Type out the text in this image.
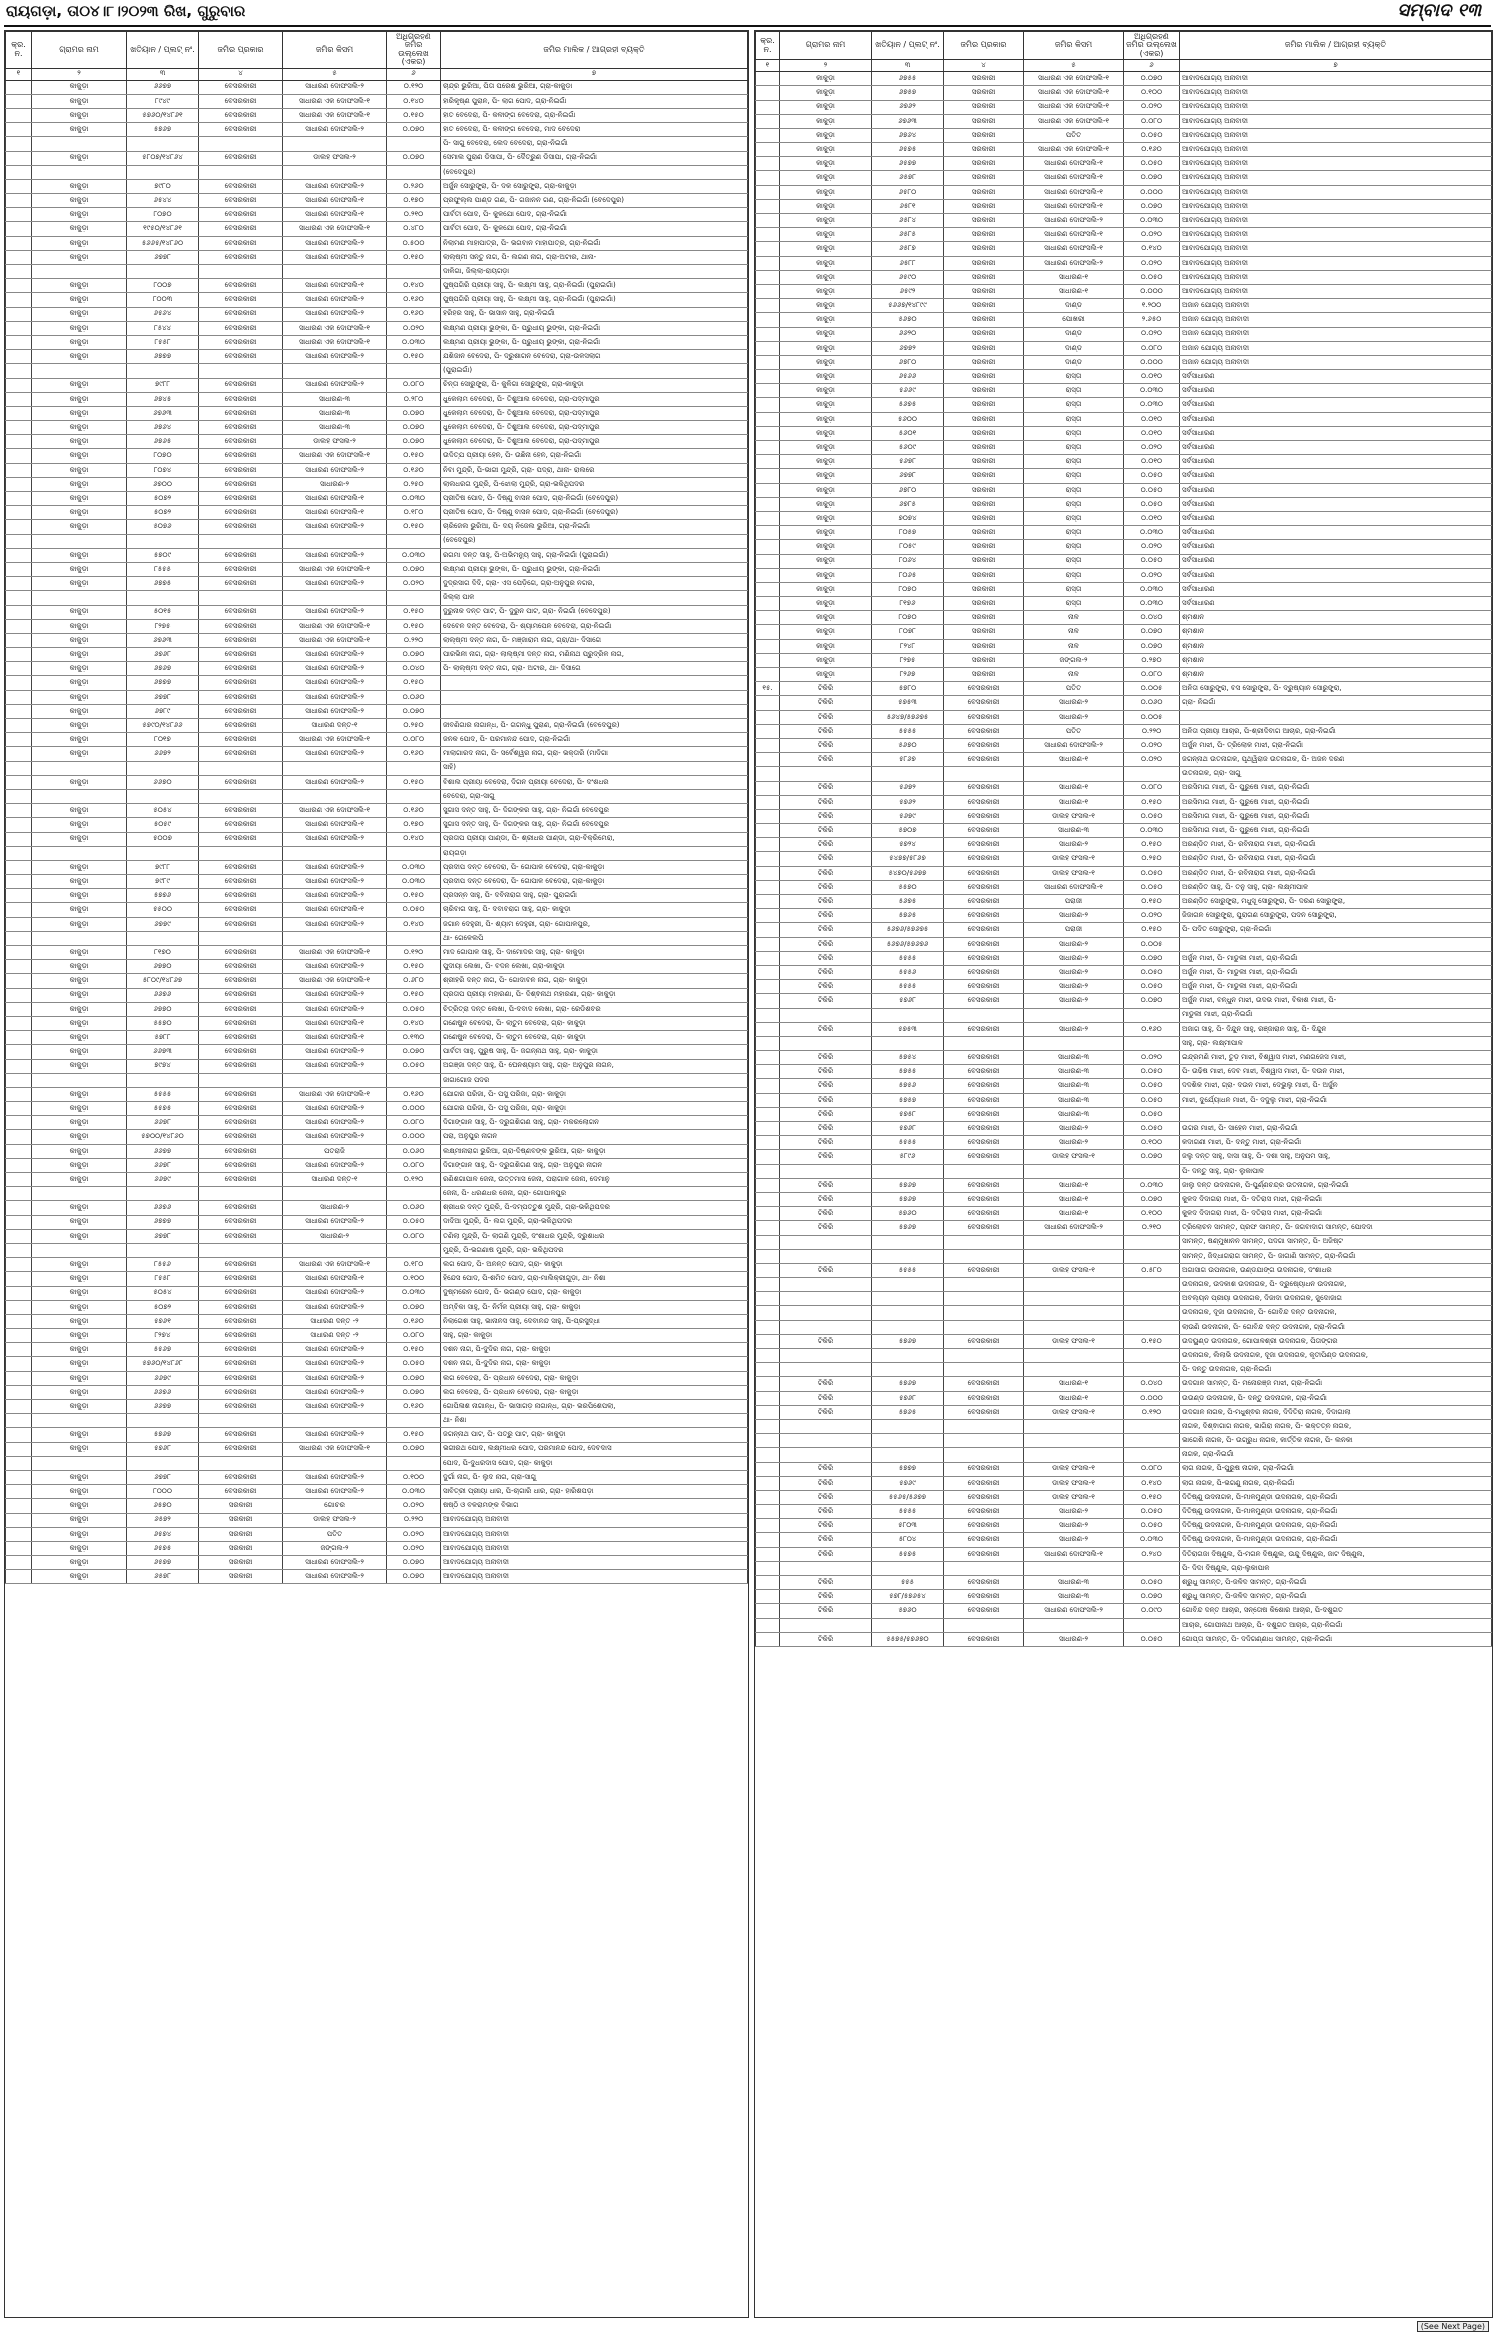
ରାୟଗଡ଼ା, ତା୦୪।୮।୨୦୨୩ ରିଖ, ଗୁରୁବାର	ସମ୍ବାଦ ୧୩
କ୍ର. ନ.	ଗ୍ରାମର ନାମ	ଖତିୟାନ / ପ୍ଲଟ୍ ନଂ.	ଜମିର ପ୍ରକାର	ଜମିର କିସମ	ଅଧିଗ୍ରହଣ ଜମିର ଉଲ୍ଲେଖ (ଏକର)	ଜମିର ମାଲିକ / ଆଗ୍ରହୀ ବ୍ୟକ୍ତି
୧	୨	୩	୪	୫	୬	୭
	କାକୁଡ଼ା	୬୬୭୭	ବେସରକାରୀ	ସାଧାରଣ ଦୋଫସଲି-୨	୦.୧୨୦	ଚାନ୍ଦ୍ର ଭୁରିଆ, ପିତା ପରେଶ ଭୁରିଆ, ଗ୍ରା-କାକୁଡ଼ା
	କାକୁଡ଼ା	୮୯୪୯	ବେସରକାରୀ	ସାଧାରଣ ଏକ ଦୋଫସଲି-୧	୦.୧୪୦	ହାରିକୃଷ୍ଣ ପୁରାନ, ପି- ଲାଗ ପୋଦ, ଗ୍ରା-ନିଇଗାଁ
	କାକୁଡ଼ା	୫୭୬୦/୧୪୮୬୧	ବେସରକାରୀ	ସାଧାରଣ ଏକ ଦୋଫସଲି-୧	୦.୧୫୦	ହାତ ବେଦେରା, ପି- କଳୀଙ୍ଗ ବେଦେରା, ଗ୍ରା-ନିଇଗାଁ
	କାକୁଡ଼ା	୫୭୬୭	ବେସରକାରୀ	ସାଧାରଣ ଦୋଫସଲି-୨	୦.୦୭୦	ହାତ ବେଦେରା, ପି- କଳୀଙ୍ଗ ବେଦେରା, ମାଦ ବେଦେରା
						ପି- ସାଗୁ ବେଦେରା, ଲେଦ ବେଦେରା, ଗ୍ରା-ନିଇଗାଁ
	କାକୁଡ଼ା	୫୮୦୭/୧୪୮୬୪	ବେସରକାରୀ	ଡାଲହ ଫସଲ-୨	୦.୦୭୦	ସେମାଲ ପୁରାଣ ଡିସାପା, ପି- ଦୈତ୍ରୁଣ ଡିସାପା, ଗ୍ରା-ନିଇଗାଁ
						(ବେଦେପୁର)
	କାକୁଡ଼ା	୭୯୮୦	ବେସରକାରୀ	ସାଧାରଣ ଦୋଫସଲି-୨	୦.୨୬୦	ଅର୍ଜୁନ ସୋରୁଙ୍ଗ୍ରା, ପି- ଦକ ସୋରୁଙ୍ଗ୍ରା, ଗ୍ରା-କାକୁଡ଼ା
	କାକୁଡ଼ା	୬୫୪୪	ବେସରକାରୀ	ସାଧାରଣ ଦୋଫସଲି-୧	୦.୧୭୦	ପ୍ରଫୁଲ୍ଲ ପାଣ୍ଡ ଗଣ, ପି- ଗଜାନନ ଗଣ, ଗ୍ରା-ନିଇଗାଁ (ବେଦେପୁର)
	କାକୁଡ଼ା	୮୦୭୦	ବେସରକାରୀ	ସାଧାରଣ ଦୋଫସଲି-୧	୦.୨୧୦	ପାର୍ବତୀ ପୋଦ, ପି- କୁଳଯୋ ପୋଦ, ଗ୍ରା-ନିଇଗାଁ
	କାକୁଡ଼ା	୧୯୫୦/୧୪୮୬୧	ବେସରକାରୀ	ସାଧାରଣ ଏକ ଦୋଫସଲି-୧	୦.୪୮୦	ପାର୍ବତୀ ପୋଦ, ପି- କୁଳଯୋ ପୋଦ, ଗ୍ରା-ନିଇଗାଁ
	କାକୁଡ଼ା	୫୬୬୫/୧୪୮୬୦	ବେସରକାରୀ	ସାଧାରଣ ଦୋଫସଲି-୨	୦.୫୦୦	ନିଲାମଣ ମାହାପାତ୍ର, ପି- ଭଗବାନ ମାହାପାତ୍ର, ଗ୍ରା-ନିଇଗାଁ
	କାକୁଡ଼ା	୬୭୭୮	ବେସରକାରୀ	ସାଧାରଣ ଦୋଫସଲି-୨	୦.୧୫୦	ଲାଲ୍ଷ୍ମୀ ସନ୍ତୁ ନାଗ, ପି- ଲଗଣ ନାଗ, ଗ୍ରା-ଅଟାର, ଥାନା-
						ଦାଳିଗା, ଜିଲ୍ଲା-ରାୟଗଡ଼ା
	କାକୁଡ଼ା	୮୦୦୭	ବେସରକାରୀ	ସାଧାରଣ ଦୋଫସଲି-୧	୦.୧୪୦	ପୁଷ୍ପଗିରି ପ୍ରୀୟା ସାହୁ, ପି- ଲକ୍ଷ୍ମୀ ସାହୁ, ଗ୍ରା-ନିଇଗାଁ (ପୁରାଇଗାଁ)
	କାକୁଡ଼ା	୮୦୦୩	ବେସରକାରୀ	ସାଧାରଣ ଦୋଫସଲି-୨	୦.୧୬୦	ପୁଷ୍ପଗିରି ପ୍ରୀୟା ସାହୁ, ପି- ଲକ୍ଷ୍ମୀ ସାହୁ, ଗ୍ରା-ନିଇଗାଁ (ପୁରାଇଗାଁ)
	କାକୁଡ଼ା	୬୫୬୪	ବେସରକାରୀ	ସାଧାରଣ ଦୋଫସଲି-୨	୦.୧୬୦	ହରିହର ସାହୁ, ପି- ଭାସାନ ସାହୁ, ଗ୍ରା-ନିଇଗାଁ
	କାକୁଡ଼ା	୮୫୪୪	ବେସରକାରୀ	ସାଧାରଣ ଏକ ଦୋଫସଲି-୧	୦.୦୨୦	ଲକ୍ଷ୍ମଣ ପ୍ରୀୟା ଭୁଙ୍କା, ପି- ପ୍ରୁଧୀୟ ଭୁଙ୍କା, ଗ୍ରା-ନିଇଗାଁ
	କାକୁଡ଼ା	୮୫୫୮	ବେସରକାରୀ	ସାଧାରଣ ଏକ ଦୋଫସଲି-୧	୦.୦୩୦	ଲକ୍ଷ୍ମଣ ପ୍ରୀୟା ଭୁଙ୍କା, ପି- ପ୍ରୁଧୀୟ ଭୁଙ୍କା, ଗ୍ରା-ନିଇଗାଁ
	କାକୁଡ଼ା	୬୭୭୭	ବେସରକାରୀ	ସାଧାରଣ ଦୋଫସଲି-୨	୦.୧୫୦	ଯଶିଜାନ ବେଦେରା, ପି- ଦ୍ରୁଶାଗନ ବେଦେରା, ଗ୍ରା-ଉଳସଲାଗ
						(ପୁରାଇଗାଁ)
	କାକୁଡ଼ା	୭୯୮୮	ବେସରକାରୀ	ସାଧାରଣ ଦୋଫସଲି-୨	୦.୦୮୦	ଚିନ୍ତା ସୋରୁଙ୍ଗ୍ରା, ପି- କୁଳିଗା ସୋରୁଙ୍ଗ୍ରା, ଗ୍ରା-କାକୁଡ଼ା
	କାକୁଡ଼ା	୬୭୪୫	ବେସରକାରୀ	ସାଧାରଣ-୩	୦.୨୮୦	ଧୁକେଲାମ ବେଦେରା, ପି- ତିଶୁଆଲ ବେଦେରା, ଗ୍ରା-ପଦ୍ମାପୁର
	କାକୁଡ଼ା	୬୭୬୩	ବେସରକାରୀ	ସାଧାରଣ-୩	୦.୦୭୦	ଧୁକେଲାମ ବେଦେରା, ପି- ତିଶୁଆଲ ବେଦେରା, ଗ୍ରା-ପଦ୍ମାପୁର
	କାକୁଡ଼ା	୬୭୬୪	ବେସରକାରୀ	ସାଧାରଣ-୩	୦.୦୭୦	ଧୁକେଲାମ ବେଦେରା, ପି- ତିଶୁଆଲ ବେଦେରା, ଗ୍ରା-ପଦ୍ମାପୁର
	କାକୁଡ଼ା	୬୭୬୫	ବେସରକାରୀ	ଡାଲହ ଫସଲ-୨	୦.୦୭୦	ଧୁକେଲାମ ବେଦେରା, ପି- ତିଶୁଆଲ ବେଦେରା, ଗ୍ରା-ପଦ୍ମାପୁର
	କାକୁଡ଼ା	୮୦୭୦	ବେସରକାରୀ	ସାଧାରଣ ଏକ ଦୋଫସଲି-୧	୦.୧୫୦	ଉଦିତ୍ଯ ପ୍ରୀୟା ହେନ, ପି- ଉଛିନା ହେନ, ଗ୍ରା-ନିଇଗାଁ
	କାକୁଡ଼ା	୮୦୭୪	ବେସରକାରୀ	ସାଧାରଣ ଦୋଫସଲି-୨	୦.୧୬୦	ନିବା ମୁନ୍ଦ୍ରି, ପି-ଭାଗୀ ମୁନ୍ଦ୍ରି, ଗ୍ରା- ପଦ୍ରା, ଥାନା- ରାଲରେ
	କାକୁଡ଼ା	୬୭୦୦	ବେସରକାରୀ	ସାଧାରଣ-୨	୦.୨୫୦	ଲାଲଧରଗ ମୁନ୍ଦ୍ରି, ପି-ଝୋଲା ମୁନ୍ଦ୍ରି, ଗ୍ରା-ଭକିଥିପଦର
	କାକୁଡ଼ା	୫୦୭୨	ବେସରକାରୀ	ସାଧାରଣ ଦୋଫସଲି-୧	୦.୦୩୦	ପ୍ରୀତିଷ ପୋଦ, ପି- ଦିଷ୍ଣୁ ବାସନ ପୋଦ, ଗ୍ରା-ନିଇଗାଁ (ବେଦେପୁର)
	କାକୁଡ଼ା	୫୦୭୨	ବେସରକାରୀ	ସାଧାରଣ ଦୋଫସଲି-୧	୦.୧୮୦	ପ୍ରୀତିଷ ପୋଦ, ପି- ଦିଷ୍ଣୁ ବାସନ ପୋଦ, ଗ୍ରା-ନିଇଗାଁ (ବେଦେପୁର)
	କାକୁଡ଼ା	୫୦୭୬	ବେସରକାରୀ	ସାଧାରଣ ଦୋଫସଲି-୨	୦.୧୫୦	ଚାରିଜେଲ ଭୁରିଆ, ପି- ଦୟ ନିଜେଲ ଭୁରିଆ, ଗ୍ରା-ନିଇଗାଁ
						(ବେଦେପୁର)
	କାକୁଡ଼ା	୫୭୦୯	ବେସରକାରୀ	ସାଧାରଣ ଦୋଫସଲି-୨	୦.୦୩୦	ରଗମା ଦନ୍ତ ସାହୁ, ପି-ଅଭିମନ୍ୟୁ ସାହୁ, ଗ୍ରା-ନିଇଗାଁ (ପୁରାଇଗାଁ)
	କାକୁଡ଼ା	୮୫୫୫	ବେସରକାରୀ	ସାଧାରଣ ଏକ ଦୋଫସଲି-୧	୦.୦୭୦	ଲକ୍ଷ୍ମଣ ପ୍ରୀୟା ଭୁଙ୍କା, ପି- ପ୍ରୁଧୀୟ ଭୁଙ୍କା, ଗ୍ରା-ନିଇଗାଁ
	କାକୁଡ଼ା	୬୭୭୫	ବେସରକାରୀ	ସାଧାରଣ ଦୋଫସଲି-୨	୦.୦୨୦	ଦୁଦ୍ରସାଗ ଦିଦି, ଗ୍ରା- ଏସ ପେଡ଼ିଗେ, ଗ୍ରା-ଅନୁପୁର ନଗର,
						ଜିଲ୍ଲା ପାଳ
	କାକୁଡ଼ା	୫୦୧୫	ବେସରକାରୀ	ସାଧାରଣ ଦୋଫସଲି-୨	୦.୧୫୦	ଦୁରୁନାକ ଦନ୍ତ ପାଟ, ପି- ଦୁରୁନ ପାଟ, ଗ୍ରା- ନିଇଗାଁ (ବେଦେପୁର)
	କାକୁଡ଼ା	୮୨୭୫	ବେସରକାରୀ	ସାଧାରଣ ଏକ ଦୋଫସଲି-୧	୦.୧୫୦	ଦେବେନ ଦନ୍ତ ବେଦେରା, ପି- ଶ୍ୟାମପେନ ବେଦେରା, ଗ୍ରା-ନିଇଗାଁ
	କାକୁଡ଼ା	୬୭୬୩	ବେସରକାରୀ	ସାଧାରଣ ଏକ ଦୋଫସଲି-୧	୦.୨୨୦	ଲାଲ୍ଷ୍ମୀ ଦନ୍ତ ନାଗ, ପି- ମଞ୍ଜାରାମ ନାଗ, ଗ୍ରା/ଥା- ଦିସାଗେ
	କାକୁଡ଼ା	୬୭୬୮	ବେସରକାରୀ	ସାଧାରଣ ଦୋଫସଲି-୨	୦.୦୭୦	ପାରଭିନୀ ନାଗ, ଗ୍ରା- ଲାଲ୍ଷ୍ମୀ ଦନ୍ତ ନାଗ, ମଣିନାଥ ପ୍ରୁଦ୍ରିଳ ନାଗ,
	କାକୁଡ଼ା	୬୭୬୭	ବେସରକାରୀ	ସାଧାରଣ ଦୋଫସଲି-୨	୦.୦୪୦	ପି- ଲାଲ୍ଷ୍ମୀ ଦନ୍ତ ନାଗ, ଗ୍ରା- ଅଟାର, ଥା- ଦିସାଗେ
	କାକୁଡ଼ା	୬୭୭୭	ବେସରକାରୀ	ସାଧାରଣ ଦୋଫସଲି-୨	୦.୧୫୦	
	କାକୁଡ଼ା	୬୭୭୮	ବେସରକାରୀ	ସାଧାରଣ ଦୋଫସଲି-୨	୦.୦୬୦	
	କାକୁଡ଼ା	୬୭୮୯	ବେସରକାରୀ	ସାଧାରଣ ଦୋଫସଲି-୨	୦.୦୭୦	
	କାକୁଡ଼ା	୫୭୯୦/୧୪୮୬୬	ବେସରକାରୀ	ସାଧାରଣ ଦନ୍ତ-୧	୦.୨୫୦	ଜୀବଣିଗାର ନାଗାନ୍ଧ, ପି- ଗଗନ୍ଧୁ ପୁରାଣ, ଗ୍ରା-ନିଇଗାଁ (ବେଦେପୁର)
	କାକୁଡ଼ା	୮୦୧୭	ବେସରକାରୀ	ସାଧାରଣ ଏକ ଦୋଫସଲି-୧	୦.୦୮୦	ଜନକ ପୋଦ, ପି- ପରମାନନ୍ଦ ପୋଦ, ଗ୍ରା-ନିଇଗାଁ
	କାକୁଡ଼ା	୬୬୭୨	ବେସରକାରୀ	ସାଧାରଣ ଦୋଫସଲି-୨	୦.୧୬୦	ମାଲାଗାରଦ ନାଗ, ପି- ସର୍ବେଶ୍ୱର ନାଗ, ଗ୍ରା- ଭକ୍ତାରି (ମାଦିଗା
						ସାହି)
	କାକୁଡ଼ା	୬୬୭୦	ବେସରକାରୀ	ସାଧାରଣ ଦୋଫସଲି-୨	୦.୧୫୦	ବିଶାଲ ପ୍ରୀୟା ବେଦେରା, ଦିଗନ ପ୍ରୀୟା ବେଦେରା, ପି- ଦଂଶଧର
						ବେଦେରା, ଗ୍ରା-ସାଗୁ
	କାକୁଡ଼ା	୫୦୫୪	ବେସରକାରୀ	ସାଧାରଣ ଏକ ଦୋଫସଲି-୧	୦.୧୬୦	ସୁଗାସ ଦନ୍ତ ସାହୁ, ପି- ଦିଗଙ୍କର ସାହୁ, ଗ୍ରା- ନିଇଗାଁ ବେଦେପୁର
	କାକୁଡ଼ା	୫୦୫୯	ବେସରକାରୀ	ସାଧାରଣ ଦୋଫସଲି-୧	୦.୧୭୦	ସୁଗାସ ଦନ୍ତ ସାହୁ, ପି- ଦିଗଙ୍କର ସାହୁ, ଗ୍ରା- ନିଇଗାଁ ବେଦେପୁର
	କାକୁଡ଼ା	୫୦୦୭	ବେସରକାରୀ	ସାଧାରଣ ଦୋଫସଲି-୨	୦.୧୪୦	ପ୍ରତାପ ପ୍ରୀୟା ପାଣ୍ଡା, ପି- ଶ୍ରୀଧର ପାଣ୍ଡା, ଗ୍ରା-ବିକ୍ରିମେରା,
						ରାୟଗଡ଼ା
	କାକୁଡ଼ା	୭୯୮୮	ବେସରକାରୀ	ସାଧାରଣ ଦୋଫସଲି-୨	୦.୦୩୦	ପ୍ରଦୀପ ଦନ୍ତ ବେଦେରା, ପି- ଗୋପାଳ ବେଦେରା, ଗ୍ରା-କାକୁଡ଼ା
	କାକୁଡ଼ା	୭୯୮୯	ବେସରକାରୀ	ସାଧାରଣ ଦୋଫସଲି-୨	୦.୦୩୦	ପ୍ରଦୀପ ଦନ୍ତ ବେଦେରା, ପି- ଗୋପାଳ ବେଦେରା, ଗ୍ରା-କାକୁଡ଼ା
	କାକୁଡ଼ା	୫୭୭୬	ବେସରକାରୀ	ସାଧାରଣ ଦୋଫସଲି-୨	୦.୧୫୦	ପ୍ରସନ୍ନ ସାହୁ, ପି- ଦବିନାରାଗ ସାହୁ, ଗ୍ରା- ପୁରାଇଗାଁ
	କାକୁଡ଼ା	୫୫୦୦	ବେସରକାରୀ	ସାଧାରଣ ଦୋଫସଲି-୧	୦.୦୫୦	ଚାରିବାଗ ସାହୁ, ପି- ଦବାବରାଗ ସାହୁ, ଗ୍ରା- କାକୁଡ଼ା
	କାକୁଡ଼ା	୬୭୭୯	ବେସରକାରୀ	ସାଧାରଣ ଦୋଫସଲି-୨	୦.୧୪୦	ଜଗାନ ଦେହୁରୀ, ପି- ଶ୍ୟାମ ଦେହୁରୀ, ଗ୍ରା- ଗୋପାଳପୁର,
						ଥା- ଗେଳେଲପି
	କାକୁଡ଼ା	୮୧୭୦	ବେସରକାରୀ	ସାଧାରଣ ଏକ ଦୋଫସଲି-୧	୦.୧୨୦	ମାଦ ଗୋପାଳ ସାହୁ, ପି- ଦାମୋଦର ସାହୁ, ଗ୍ରା- କାକୁଡ଼ା
	କାକୁଡ଼ା	୬୭୭୦	ବେସରକାରୀ	ସାଧାରଣ ଦୋଫସଲି-୨	୦.୧୫୦	ପୁଦୀୟା ଲେଖା, ପି- ବଦନ ଲେଖା, ଗ୍ରା-କାକୁଡ଼ା
	କାକୁଡ଼ା	୫୮୦୯/୧୪୮୬୭	ବେସରକାରୀ	ସାଧାରଣ ଏକ ଦୋଫସଲି-୧	୦.୬୮୦	ଶ୍ରୀହରି ଦନ୍ତ ନାଗ, ପି- ଗୋଦାବନ ନାଗ, ଗ୍ରା- କାକୁଡ଼ା
	କାକୁଡ଼ା	୬୬୭୬	ବେସରକାରୀ	ସାଧାରଣ ଦୋଫସଲି-୨	୦.୧୫୦	ପ୍ରତାପ ପ୍ରୀୟା ମହାରଣା, ପି- ଦିଶ୍ଵନାଥ ମହାରଣା, ଗ୍ରା- କାକୁଡ଼ା
	କାକୁଡ଼ା	୬୭୭୦	ବେସରକାରୀ	ସାଧାରଣ ଦୋଫସଲି-୨	୦.୦୫୦	ଚିତ୍ରିତ୍ରା ଦନ୍ତ ଲେଖା, ପି-ଦବାଦ ଲେଖା, ଗ୍ରା- ରେଡିଶବର
	କାକୁଡ଼ା	୫୫୭୦	ବେସରକାରୀ	ସାଧାରଣ ଦୋଫସଲି-୧	୦.୧୪୦	ଗଣେଷୁନ ବେଦେରା, ପି- ଲାତୁମ ବେଦେରା, ଗ୍ରା- କାକୁଡ଼ା
	କାକୁଡ଼ା	୫୭୮୮	ବେସରକାରୀ	ସାଧାରଣ ଦୋଫସଲି-୧	୦.୧୩୦	ଗଣେଷୁନ ବେଦେରା, ପି- ଲାତୁମ ବେଦେରା, ଗ୍ରା- କାକୁଡ଼ା
	କାକୁଡ଼ା	୬୬୭୩	ବେସରକାରୀ	ସାଧାରଣ ଦୋଫସଲି-୨	୦.୦୭୦	ପାର୍ବତୀ ସାହୁ, ପୁରୁଷ ସାହୁ, ପି- ଜଗନ୍ନାଥ ସାହୁ, ଗ୍ରା- କାକୁଡ଼ା
	କାକୁଡ଼ା	୭୯୭୪	ବେସରକାରୀ	ସାଧାରଣ ଦୋଫସଲି-୨	୦.୦୫୦	ଅଗଞ୍ଜା ଦନ୍ତ ସାହୁ, ପି- ଘେନଶ୍ୟାମ ସାହୁ, ଗ୍ରା- ଅନୁପୁର ନାଗନ,
						ଜାଗାଗୋଜ ପଦର
	କାକୁଡ଼ା	୫୫୫୫	ବେସରକାରୀ	ସାଧାରଣ ଏକ ଦୋଫସଲି-୧	୦.୧୬୦	ଯୋଗର ପରିଜା, ପି- ପସୁ ପରିଜା, ଗ୍ରା- କାକୁଡ଼ା
	କାକୁଡ଼ା	୫୫୭୫	ବେସରକାରୀ	ସାଧାରଣ ଦୋଫସଲି-୨	୦.୦୦୦	ଯୋଗର ପରିଜା, ପି- ପସୁ ପରିଜା, ଗ୍ରା- କାକୁଡ଼ା
	କାକୁଡ଼ା	୬୬୭୮	ବେସରକାରୀ	ସାଧାରଣ ଦୋଫସଲି-୨	୦.୦୮୦	ଦିଗାଙ୍ଗାନ ସାହୁ, ପି- ଦ୍ରୁଗଶିଗଣ ସାହୁ, ଗ୍ରା- ମକରଲୋଗନ
	କାକୁଡ଼ା	୫୭୦୦/୧୪୮୬୦	ବେସରକାରୀ	ସାଧାରଣ ଦୋଫସଲି-୨	୦.୦୦୦	ପରା, ଅନୁପୁର ନାଗନ
	କାକୁଡ଼ା	୬୬୭୭	ବେସରକାରୀ	ପତରାଜି	୦.୦୬୦	ଲକ୍ଷ୍ମୀନାରାଗ ଭୁରିଆ, ଗ୍ରା-ଦିଷ୍ଣବଙ୍କ ଭୁରିଆ, ଗ୍ରା- କାକୁଡ଼ା
	କାକୁଡ଼ା	୬୬୭୮	ବେସରକାରୀ	ସାଧାରଣ ଦୋଫସଲି-୨	୦.୦୮୦	ଦିଗାଙ୍ଗାନ ସାହୁ, ପି- ଦ୍ରୁଗଶିଗଣ ସାହୁ, ଗ୍ରା- ଅନୁପୁର ନାଗନ
	କାକୁଡ଼ା	୬୬୭୯	ବେସରକାରୀ	ସାଧାରଣ ଦନ୍ତ-୧	୦.୧୨୦	ରଣିଶଗାପାଳ ଜେନା, ଉତ୍ତମାସ ଜେନା, ପରାଗାଳ ଜେନା, ଦେମାନୁ
						ଜେନା, ପି- ଧରଣଧର ଜେନା, ଗ୍ରା- ଗୋପାଳପୁର
	କାକୁଡ଼ା	୬୬୭୬	ବେସରକାରୀ	ସାଧାରଣ-୨	୦.୦୬୦	ଶ୍ରୀଧର ଦନ୍ତ ମୁନ୍ଦ୍ରି, ପି-ଦମ୍ପତ୍ତୁଶ ମୁନ୍ଦ୍ରି, ଗ୍ରା-ଭକିଥିପଦର
	କାକୁଡ଼ା	୬୭୭୭	ବେସରକାରୀ	ସାଧାରଣ ଦୋଫସଲି-୨	୦.୦୫୦	ଦାଦିଆ ମୁନ୍ଦ୍ରି, ପି- ଲଗ ମୁନ୍ଦ୍ରି, ଗ୍ରା-ଭକିଥିପଦର
	କାକୁଡ଼ା	୬୭୭୮	ବେସରକାରୀ	ସାଧାରଣ-୨	୦.୦୮୦	ତଣିଲା ମୁନ୍ଦ୍ରି, ପି- ଲାଗଣି ମୁନ୍ଦ୍ରି, ଦଂଶାଧର ମୁନ୍ଦ୍ରି, ଦ୍ରୁଶାଧର
						ମୁନ୍ଦ୍ରି, ପି-ଭଗଣାଷ ମୁନ୍ଦ୍ରି, ଗ୍ରା- ଭକିଥିପଦର
	କାକୁଡ଼ା	୮୫୫୬	ବେସରକାରୀ	ସାଧାରଣ ଏକ ଦୋଫସଲି-୧	୦.୧୮୦	ଲଗ ପୋଦ, ପି- ଅନନ୍ତ ପୋଦ, ଗ୍ରା- କାକୁଡ଼ା
	କାକୁଡ଼ା	୮୫୫୮	ବେସରକାରୀ	ସାଧାରଣ ଦୋଫସଲି-୧	୦.୧୦୦	ହିନ୍ଦେସ ପୋଦ, ପି-ଶମିତ ପୋଦ, ଗ୍ରା-ମାଲିକ୍ରୀଗୁଡ଼ା, ଥା- ନିଶା
	କାକୁଡ଼ା	୫୦୫୪	ବେସରକାରୀ	ସାଧାରଣ ଦୋଫସଲି-୨	୦.୦୩୦	ଦୁଷ୍ମରେନ ପୋଦ, ପି- ଭଗଣ୍ଡ ପୋଦ, ଗ୍ରା- କାକୁଡ଼ା
	କାକୁଡ଼ା	୫୦୭୨	ବେସରକାରୀ	ସାଧାରଣ ଦୋଫସଲି-୨	୦.୦୭୦	ଅମ୍ବିକା ସାହୁ, ପି- ନିର୍ମଳ ପ୍ରୀୟା ସାହୁ, ଗ୍ରା- କାକୁଡ଼ା
	କାକୁଡ଼ା	୫୭୬୧	ବେସରକାରୀ	ସାଧାରଣ ଦନ୍ତ -୨	୦.୧୬୦	ନିଲାଗେଶ ସାହୁ, ଭାନାନସ ସାହୁ, ଦେବାନନ୍ଦ ସାହୁ, ପି-ପ୍ରସୁଦ୍ଧା
	କାକୁଡ଼ା	୮୨୭୪	ବେସରକାରୀ	ସାଧାରଣ ଦନ୍ତ -୨	୦.୦୮୦	ସାହୁ, ଗ୍ରା- କାକୁଡ଼ା
	କାକୁଡ଼ା	୫୫୬୭	ବେସରକାରୀ	ସାଧାରଣ ଦୋଫସଲି-୨	୦.୧୫୦	ଦଶନ ନାଗ, ପି-ଦୁଦିର ନାଗ, ଗ୍ରା- କାକୁଡ଼ା
	କାକୁଡ଼ା	୫୭୬୦/୧୪୮୬୮	ବେସରକାରୀ	ସାଧାରଣ ଦୋଫସଲି-୨	୦.୦୫୦	ଦଶନ ନାଗ, ପି-ଦୁଦିର ନାଗ, ଗ୍ରା- କାକୁଡ଼ା
	କାକୁଡ଼ା	୬୬୭୯	ବେସରକାରୀ	ସାଧାରଣ ଦୋଫସଲି-୨	୦.୦୭୦	ଲଗ ବେଦେରା, ପି- ପ୍ରଧାନ ବେଦେରା, ଗ୍ରା- କାକୁଡ଼ା
	କାକୁଡ଼ା	୬୬୭୬	ବେସରକାରୀ	ସାଧାରଣ ଦୋଫସଲି-୨	୦.୦୭୦	ଲଗ ବେଦେରା, ପି- ପ୍ରଧାନ ବେଦେରା, ଗ୍ରା- କାକୁଡ଼ା
	କାକୁଡ଼ା	୬୬୭୭	ବେସରକାରୀ	ସାଧାରଣ ଦୋଫସଲି-୨	୦.୧୬୦	ଗୋପିଳାଶ ନାଗାନ୍ଧ, ପି- ଭାସାଗଡ଼ ନାଗାନ୍ଧ, ଗ୍ରା- ଭରପିଶେପଲା,
						ଥା- ନିଶା
	କାକୁଡ଼ା	୫୭୬୭	ବେସରକାରୀ	ସାଧାରଣ ଦୋଫସଲି-୨	୦.୧୫୦	ଜଗନ୍ନାଥ ପାଟ, ପି- ପତ୍ରୁ ପାଟ, ଗ୍ରା- କାକୁଡ଼ା
	କାକୁଡ଼ା	୫୭୬୮	ବେସରକାରୀ	ସାଧାରଣ ଏକ ଦୋଫସଲି-୧	୦.୦୭୦	ଭଗୀରଥ ପୋଦ, ଲକ୍ଷ୍ମୀଧର ପୋଦ, ପରମାନନ୍ଦ ପୋଦ, ଦେବଦାସ
						ପୋଦ, ପି-ଦୁଧରଦାସ ପୋଦ, ଗ୍ରା- କାକୁଡ଼ା
	କାକୁଡ଼ା	୬୭୭୮	ବେସରକାରୀ	ସାଧାରଣ ଦୋଫସଲି-୨	୦.୧୦୦	ଦୁର୍ଗା ନାଗ, ପି- ଲୁଦ ନାଗ, ଗ୍ରା-ସାଗୁ
	କାକୁଡ଼ା	୮୦୦୦	ବେସରକାରୀ	ସାଧାରଣ ଦୋଫସଲି-୨	୦.୦୩୦	ସାବିତ୍ରୀ ପ୍ରୀୟା ଧାର, ପି-ଚାଗାରି ଧାର, ଗ୍ରା- ହାରିଶପଡ଼ା
	କାକୁଡ଼ା	୬୫୭୦	ସରକାରୀ	ଗୋଚର	୦.୦୨୦	ଷଷ୍ଠି ଓ ବଳରାମଙ୍କ ବିଭାଗ
	କାକୁଡ଼ା	୬୫୭୨	ସରକାରୀ	ଡାଲହ ଫସଲ-୨	୦.୨୨୦	ଆବାଦଯୋଗ୍ୟ ଅନାବାଦୀ
	କାକୁଡ଼ା	୬୫୭୪	ସରକାରୀ	ପତିତ	୦.୦୨୦	ଆବାଦଯୋଗ୍ୟ ଅନାବାଦୀ
	କାକୁଡ଼ା	୬୫୭୫	ସରକାରୀ	ଜଙ୍ଗଲ-୨	୦.୦୨୦	ଆବାଦଯୋଗ୍ୟ ଅନାବାଦୀ
	କାକୁଡ଼ା	୬୫୭୭	ସରକାରୀ	ସାଧାରଣ ଦୋଫସଲି-୨	୦.୦୭୦	ଆବାଦଯୋଗ୍ୟ ଅନାବାଦୀ
	କାକୁଡ଼ା	୬୫୭୮	ସରକାରୀ	ସାଧାରଣ ଦୋଫସଲି-୨	୦.୦୭୦	ଆବାଦଯୋଗ୍ୟ ଅନାବାଦୀ
କ୍ର. ନ.	ଗ୍ରାମର ନାମ	ଖତିୟାନ / ପ୍ଲଟ୍ ନଂ.	ଜମିର ପ୍ରକାର	ଜମିର କିସମ	ଅଧିଗ୍ରହଣ ଜମିର ଉଲ୍ଲେଖ (ଏକର)	ଜମିର ମାଲିକ / ଆଗ୍ରହୀ ବ୍ୟକ୍ତି
୧	୨	୩	୪	୫	୬	୭
	କାକୁଡ଼ା	୬୭୫୫	ସରକାରୀ	ସାଧାରଣ ଏକ ଦୋଫସଲି-୧	୦.୦୭୦	ଆବାଦଯୋଗ୍ୟ ଅନାବାଦୀ
	କାକୁଡ଼ା	୬୭୫୭	ସରକାରୀ	ସାଧାରଣ ଏକ ଦୋଫସଲି-୧	୦.୧୦୦	ଆବାଦଯୋଗ୍ୟ ଅନାବାଦୀ
	କାକୁଡ଼ା	୬୭୬୨	ସରକାରୀ	ସାଧାରଣ ଏକ ଦୋଫସଲି-୧	୦.୦୨୦	ଆବାଦଯୋଗ୍ୟ ଅନାବାଦୀ
	କାକୁଡ଼ା	୬୭୬୩	ସରକାରୀ	ସାଧାରଣ ଏକ ଦୋଫସଲି-୧	୦.୦୮୦	ଆବାଦଯୋଗ୍ୟ ଅନାବାଦୀ
	କାକୁଡ଼ା	୬୭୬୪	ସରକାରୀ	ପତିତ	୦.୦୫୦	ଆବାଦଯୋଗ୍ୟ ଅନାବାଦୀ
	କାକୁଡ଼ା	୬୫୭୫	ସରକାରୀ	ସାଧାରଣ ଏକ ଦୋଫସଲି-୧	୦.୧୬୦	ଆବାଦଯୋଗ୍ୟ ଅନାବାଦୀ
	କାକୁଡ଼ା	୬୫୭୭	ସରକାରୀ	ସାଧାରଣ ଦୋଫସଲି-୧	୦.୦୫୦	ଆବାଦଯୋଗ୍ୟ ଅନାବାଦୀ
	କାକୁଡ଼ା	୬୫୭୮	ସରକାରୀ	ସାଧାରଣ ଦୋଫସଲି-୧	୦.୦୭୦	ଆବାଦଯୋଗ୍ୟ ଅନାବାଦୀ
	କାକୁଡ଼ା	୬୫୮୦	ସରକାରୀ	ସାଧାରଣ ଦୋଫସଲି-୧	୦.୦୦୦	ଆବାଦଯୋଗ୍ୟ ଅନାବାଦୀ
	କାକୁଡ଼ା	୬୫୮୧	ସରକାରୀ	ସାଧାରଣ ଦୋଫସଲି-୧	୦.୦୭୦	ଆବାଦଯୋଗ୍ୟ ଅନାବାଦୀ
	କାକୁଡ଼ା	୬୫୮୪	ସରକାରୀ	ସାଧାରଣ ଦୋଫସଲି-୨	୦.୦୩୦	ଆବାଦଯୋଗ୍ୟ ଅନାବାଦୀ
	କାକୁଡ଼ା	୬୫୮୫	ସରକାରୀ	ସାଧାରଣ ଦୋଫସଲି-୧	୦.୦୨୦	ଆବାଦଯୋଗ୍ୟ ଅନାବାଦୀ
	କାକୁଡ଼ା	୬୫୮୭	ସରକାରୀ	ସାଧାରଣ ଦୋଫସଲି-୧	୦.୧୪୦	ଆବାଦଯୋଗ୍ୟ ଅନାବାଦୀ
	କାକୁଡ଼ା	୬୫୮୮	ସରକାରୀ	ସାଧାରଣ ଦୋଫସଲି-୨	୦.୦୨୦	ଆବାଦଯୋଗ୍ୟ ଅନାବାଦୀ
	କାକୁଡ଼ା	୬୫୯୦	ସରକାରୀ	ସାଧାରଣ-୧	୦.୦୫୦	ଆବାଦଯୋଗ୍ୟ ଅନାବାଦୀ
	କାକୁଡ଼ା	୬୫୯୨	ସରକାରୀ	ସାଧାରଣ-୧	୦.୦୦୦	ଆବାଦଯୋଗ୍ୟ ଅନାବାଦୀ
	କାକୁଡ଼ା	୫୬୬୭/୧୪୮୯୯	ସରକାରୀ	ଦାଣ୍ଡ	୧.୨୦୦	ଅଜାନ ଯୋଗ୍ୟ ଅନାବାଦୀ
	କାକୁଡ଼ା	୫୬୭୦	ସରକାରୀ	ପୋଖରୀ	୨.୬୫୦	ଅଜାନ ଯୋଗ୍ୟ ଅନାବାଦୀ
	କାକୁଡ଼ା	୬୬୨୦	ସରକାରୀ	ଦାଣ୍ଡ	୦.୦୨୦	ଅଜାନ ଯୋଗ୍ୟ ଅନାବାଦୀ
	କାକୁଡ଼ା	୬୭୭୨	ସରକାରୀ	ଦାଣ୍ଡ	୦.୦୮୦	ଅଜାନ ଯୋଗ୍ୟ ଅନାବାଦୀ
	କାକୁଡ଼ା	୬୭୮୦	ସରକାରୀ	ଦାଣ୍ଡ	୦.୦୦୦	ଅଜାନ ଯୋଗ୍ୟ ଅନାବାଦୀ
	କାକୁଡ଼ା	୬୫୬୬	ସରକାରୀ	ରାସ୍ତା	୦.୦୧୦	ସର୍ବସାଧାରଣ
	କାକୁଡ଼ା	୫୬୬୯	ସରକାରୀ	ରାସ୍ତା	୦.୦୩୦	ସର୍ବସାଧାରଣ
	କାକୁଡ଼ା	୫୬୭୫	ସରକାରୀ	ରାସ୍ତା	୦.୦୩୦	ସର୍ବସାଧାରଣ
	କାକୁଡ଼ା	୫୬୦୦	ସରକାରୀ	ରାସ୍ତା	୦.୦୧୦	ସର୍ବସାଧାରଣ
	କାକୁଡ଼ା	୫୬୦୧	ସରକାରୀ	ରାସ୍ତା	୦.୦୧୦	ସର୍ବସାଧାରଣ
	କାକୁଡ଼ା	୫୬୦୯	ସରକାରୀ	ରାସ୍ତା	୦.୦୨୦	ସର୍ବସାଧାରଣ
	କାକୁଡ଼ା	୫୬୭୮	ସରକାରୀ	ରାସ୍ତା	୦.୦୧୦	ସର୍ବସାଧାରଣ
	କାକୁଡ଼ା	୬୭୭୮	ସରକାରୀ	ରାସ୍ତା	୦.୦୫୦	ସର୍ବସାଧାରଣ
	କାକୁଡ଼ା	୬୭୮୦	ସରକାରୀ	ରାସ୍ତା	୦.୦୫୦	ସର୍ବସାଧାରଣ
	କାକୁଡ଼ା	୬୭୮୫	ସରକାରୀ	ରାସ୍ତା	୦.୦୫୦	ସର୍ବସାଧାରଣ
	କାକୁଡ଼ା	୭୦୭୪	ସରକାରୀ	ରାସ୍ତା	୦.୦୧୦	ସର୍ବସାଧାରଣ
	କାକୁଡ଼ା	୮୦୫୭	ସରକାରୀ	ରାସ୍ତା	୦.୦୩୦	ସର୍ବସାଧାରଣ
	କାକୁଡ଼ା	୮୦୫୯	ସରକାରୀ	ରାସ୍ତା	୦.୦୨୦	ସର୍ବସାଧାରଣ
	କାକୁଡ଼ା	୮୦୬୪	ସରକାରୀ	ରାସ୍ତା	୦.୦୫୦	ସର୍ବସାଧାରଣ
	କାକୁଡ଼ା	୮୦୬୫	ସରକାରୀ	ରାସ୍ତା	୦.୦୨୦	ସର୍ବସାଧାରଣ
	କାକୁଡ଼ା	୮୦୭୦	ସରକାରୀ	ରାସ୍ତା	୦.୦୩୦	ସର୍ବସାଧାରଣ
	କାକୁଡ଼ା	୮୧୭୬	ସରକାରୀ	ରାସ୍ତା	୦.୦୩୦	ସର୍ବସାଧାରଣ
	କାକୁଡ଼ା	୮୦୭୦	ସରକାରୀ	ନାଳ	୦.୦୪୦	ଶ୍ମଶାନ
	କାକୁଡ଼ା	୮୦୭୮	ସରକାରୀ	ନାଳ	୦.୦୭୦	ଶ୍ମଶାନ
	କାକୁଡ଼ା	୮୨୪୮	ସରକାରୀ	ନାଳ	୦.୦୭୦	ଶ୍ମଶାନ
	କାକୁଡ଼ା	୮୨୭୫	ସରକାରୀ	ଜଙ୍ଗଲ-୨	୦.୨୭୦	ଶ୍ମଶାନ
	କାକୁଡ଼ା	୮୨୬୭	ସରକାରୀ	ନାଳ	୦.୦୮୦	ଶ୍ମଶାନ
୧୫.	ଟିକିରି	୫୭୮୦	ବେସରକାରୀ	ପତିତ	୦.୦୦୫	ଅନିତା ସୋରୁଙ୍ଗ୍ରା, ବସ ସୋରୁଙ୍ଗ୍ରା, ପି- ଦ୍ରୁଷ୍ୟାନ ସୋରୁଙ୍ଗ୍ରା,
	ଟିକିରି	୫୭୫୩	ବେସରକାରୀ	ସାଧାରଣ-୨	୦.୦୬୦	ଗ୍ରା- ନିଇଗାଁ
	ଟିକିରି	୫୬୪୭/୫୭୬୭୫	ବେସରକାରୀ	ସାଧାରଣ-୨	୦.୦୦୫	
	ଟିକିରି	୫୫୫୫	ବେସରକାରୀ	ପତିତ	୦.୨୨୦	ଅନିତା ପ୍ରୀୟା ଆଚାର, ପି-ଶ୍ରୀଦିବାଗ ଆଚାର, ଗ୍ରା-ନିଇଗାଁ
	ଟିକିରି	୫୬୭୦	ବେସରକାରୀ	ସାଧାରଣ ଦୋଫସଲି-୨	୦.୦୨୦	ଅର୍ଜୁନ ମାଝୀ, ପି- ତ୍ରିଲୋକ ମାଝୀ, ଗ୍ରା-ନିଇଗାଁ
	ଟିକିରି	୫୮୬୭	ବେସରକାରୀ	ସାଧାରଣ-୧	୦.୦୨୦	ଜଗନ୍ନାଥ ଉତନାଗକ, ପୃଥ୍ୱିରାଜ ଉତନାଗକ, ପି- ଅଜନ ଦରଣ
						ଉତନାଗକ, ଗ୍ରା- ସାଗୁ
	ଟିକିରି	୫୬୭୨	ବେସରକାରୀ	ସାଧାରଣ-୧	୦.୦୮୦	ଅରସିମାଗ ମାଝୀ, ପି- ପୁରୁଷେ ମାଝୀ, ଗ୍ରା-ନିଇଗାଁ
	ଟିକିରି	୫୭୬୨	ବେସରକାରୀ	ସାଧାରଣ-୧	୦.୧୫୦	ଅରସିମାଗ ମାଝୀ, ପି- ପୁରୁଷେ ମାଝୀ, ଗ୍ରା-ନିଇଗାଁ
	ଟିକିରି	୫୬୭୯	ବେସରକାରୀ	ଡାଲହ ଫସଲ-୧	୦.୦୫୦	ଅରସିମାଗ ମାଝୀ, ପି- ପୁରୁଷେ ମାଝୀ, ଗ୍ରା-ନିଇଗାଁ
	ଟିକିରି	୫୭୦୭	ବେସରକାରୀ	ସାଧାରଣ-୩	୦.୦୩୦	ଅରସିମାଗ ମାଝୀ, ପି- ପୁରୁଷେ ମାଝୀ, ଗ୍ରା-ନିଇଗାଁ
	ଟିକିରି	୫୭୨୪	ବେସରକାରୀ	ସାଧାରଣ-୨	୦.୧୫୦	ଅରଣ୍ଡିତ ମାଝୀ, ପି- ରବିନାରାଗ ମାଝୀ, ଗ୍ରା-ନିଇଗାଁ
	ଟିକିରି	୫୪୭୭/୫୮୬୭	ବେସରକାରୀ	ଡାଲହ ଫସଲ-୧	୦.୨୫୦	ଅରଣ୍ଡିତ ମାଝୀ, ପି- ରବିନାରାଗ ମାଝୀ, ଗ୍ରା-ନିଇଗାଁ
	ଟିକିରି	୫୪୭୦/୫୬୭୭	ବେସରକାରୀ	ଡାଲହ ଫସଲ-୧	୦.୦୫୦	ଅରଣ୍ଡିତ ମାଝୀ, ପି- ରବିନାରାଗ ମାଝୀ, ଗ୍ରା-ନିଇଗାଁ
	ଟିକିରି	୫୫୭୦	ବେସରକାରୀ	ସାଧାରଣ ଦୋଫସଲି-୧	୦.୦୫୦	ଅରଣ୍ଡିତ ସାହୁ, ପି- ତନୁ ସାହୁ, ଗ୍ରା- ଲକ୍ଷ୍ମୀପାଳ
	ଟିକିରି	୫୬୭୫	ବେସରକାରୀ	ପରାଜୀ	୦.୧୫୦	ଅରଣ୍ଡିତ ସୋରୁଙ୍ଗ୍ରା, ମଧୁସୂ ସୋରୁଙ୍ଗ୍ରା, ପି- ଦରଣ ସୋରୁଙ୍ଗ୍ରା,
	ଟିକିରି	୫୭୬୫	ବେସରକାରୀ	ସାଧାରଣ-୨	୦.୦୨୦	ଜିଜାଗନ ସୋରୁଙ୍ଗ୍ରା, ପୁରାଗଣ ସୋରୁଙ୍ଗ୍ରା, ପଦନ ସୋରୁଙ୍ଗ୍ରା,
	ଟିକିରି	୫୬୭୬/୫୭୬୭୫	ବେସରକାରୀ	ପରାଜୀ	୦.୧୫୦	ପି- ପଦିତ ସୋରୁଙ୍ଗ୍ରା, ଗ୍ରା-ନିଇଗାଁ
	ଟିକିରି	୫୬୭୬/୫୭୬୭୬	ବେସରକାରୀ	ସାଧାରଣ-୨	୦.୦୦୫	
	ଟିକିରି	୫୫୫୫	ବେସରକାରୀ	ସାଧାରଣ-୨	୦.୦୭୦	ଅର୍ଜୁନ ମାଝୀ, ପି- ମାଡୁଲୀ ମାଝୀ, ଗ୍ରା-ନିଇଗାଁ
	ଟିକିରି	୫୫୫୬	ବେସରକାରୀ	ସାଧାରଣ-୨	୦.୦୫୦	ଅର୍ଜୁନ ମାଝୀ, ପି- ମାଡୁଲୀ ମାଝୀ, ଗ୍ରା-ନିଇଗାଁ
	ଟିକିରି	୫୫୫୫	ବେସରକାରୀ	ସାଧାରଣ-୨	୦.୦୫୦	ଅର୍ଜୁନ ମାଝୀ, ପି- ମାଡୁଲୀ ମାଝୀ, ଗ୍ରା-ନିଇଗାଁ
	ଟିକିରି	୫୭୬୮	ବେସରକାରୀ	ସାଧାରଣ-୨	୦.୦୭୦	ଅର୍ଜୁନ ମାଝୀ, ବନ୍ଧୁନ ମାଝୀ, ଉଦଭ ମାଝୀ, ବିକାଶ ମାଝୀ, ପି-
						ମାଡୁଲୀ ମାଝୀ, ଗ୍ରା-ନିଇଗାଁ
	ଟିକିରି	୫୭୫୩	ବେସରକାରୀ	ସାଧାରଣ-୨	୦.୧୬୦	ଅଜାଗ ସାହୁ, ପି- ଦିନ୍ଦୁନ ସାହୁ, ରଞ୍ଜାରାନ ସାହୁ, ପି- ଦିନ୍ଦୁନ
						ସାହୁ, ଗ୍ରା- ଲକ୍ଷ୍ମୀପାଳ
	ଟିକିରି	୫୭୫୪	ବେସରକାରୀ	ସାଧାରଣ-୩	୦.୦୨୦	ଇନ୍ଦ୍ରମଣି ମାଝୀ, ତୁଡ଼ ମାଝୀ, ବିଶ୍ୱାସ ମାଝୀ, ମଣଗଜେସ ମାଝୀ,
	ଟିକିରି	୫୭୫୫	ବେସରକାରୀ	ସାଧାରଣ-୩	୦.୦୫୦	ପି- ଉଢିଷ ମାଝୀ, ଦେବ ମାଝୀ, ବିଶ୍ୱାସ ମାଝୀ, ପି- ଦଉନ ମାଝୀ,
	ଟିକିରି	୫୭୫୬	ବେସରକାରୀ	ସାଧାରଣ-୩	୦.୦୫୦	ଦଦଶିକ ମାଝୀ, ଗ୍ରା- ଦଉନ ମାଝୀ, ଦେଭୁଲୁ ମାଝୀ, ପି- ଅର୍ଜୁନ
	ଟିକିରି	୫୭୫୭	ବେସରକାରୀ	ସାଧାରଣ-୩	୦.୦୫୦	ମାଝୀ, ଦୁର୍ଯ୍ୟୋଧନ ମାଝୀ, ପି- ଦଦୁଲୁ ମାଝୀ, ଗ୍ରା-ନିଇଗାଁ
	ଟିକିରି	୫୭୫୮	ବେସରକାରୀ	ସାଧାରଣ-୩	୦.୦୫୦	
	ଟିକିରି	୫୭୬୮	ବେସରକାରୀ	ସାଧାରଣ-୨	୦.୦୫୦	ଉଗର ମାଝୀ, ପି- ସାହେନ ମାଝୀ, ଗ୍ରା-ନିଇଗାଁ
	ଟିକିରି	୫୫୫୫	ବେସରକାରୀ	ସାଧାରଣ-୨	୦.୧୦୦	କଦାଗଣୀ ମାଝୀ, ପି- ଦନ୍ତୁ ମାଝୀ, ଗ୍ରା-ନିଇଗାଁ
	ଟିକିରି	୫୮୯୬	ବେସରକାରୀ	ଡାଲହ ଫସଲ-୧	୦.୦୭୦	ଜଲୁ ଦନ୍ତ ସାହୁ, ଦାସା ସାହୁ, ପି- ଦଶା ସାହୁ, ଅନୁପମ ସାହୁ,
						ପି- ଦନ୍ତୁ ସାହୁ, ଗ୍ରା- ଲୁକାପାଳ
	ଟିକିରି	୫୭୬୭	ବେସରକାରୀ	ସାଧାରଣ-୧	୦.୦୩୦	ଜାଲୁ ଦନ୍ତ ଉଦନାଗକ, ପି-ପୁର୍ଣ୍ଣଚନ୍ଦ୍ର ଉତନାଗକ, ଗ୍ରା-ନିଇଗାଁ
	ଟିକିରି	୫୭୬୭	ବେସରକାରୀ	ସାଧାରଣ-୧	୦.୦୭୦	କୁଳଦ ଦିଦାଗରା ମାଝୀ, ପି- ଦତିରାସ ମାଝୀ, ଗ୍ରା-ନିଇଗାଁ
	ଟିକିରି	୫୭୬୦	ବେସରକାରୀ	ସାଧାରଣ-୧	୦.୧୦୦	କୁଳଦ ଦିଦାଗରା ମାଝୀ, ପି- ଦତିରାସ ମାଝୀ, ଗ୍ରା-ନିଇଗାଁ
	ଟିକିରି	୫୭୬୭	ବେସରକାରୀ	ସାଧାରଣ ଦୋଫସଲି-୨	୦.୨୧୦	ତ୍ରିଲୋଚନ ସାମନ୍ତ, ପ୍ରଫ ସାମନ୍ତ, ପି- ଜଗବାଦାଗ ସାମନ୍ତ, ପୋଦଦା
						ସାମନ୍ତ, ଷଣ୍ମୁଖାନନ ସାମନ୍ତ, ପଦଗା ସାମନ୍ତ, ପି- ଅଜିଷ୍ଟ
						ସାମନ୍ତ, ଜିଦ୍ଧାଗରାଗ ସାମନ୍ତ, ପି- ଜାଗାଣି ସାମନ୍ତ, ଗ୍ରା-ନିଇଗାଁ
	ଟିକିରି	୫୫୫୫	ବେସରକାରୀ	ଡାଲହ ଫସଲ-୧	୦.୫୮୦	ଅଗାସାଗ ଉପନାଗକ, ଉଣ୍ଡଯାଙ୍ଗ ଉଦନାଗକ, ଦଂଶାଧର
						ଉଦନାଗକ, ଉଦକାଶ ଉଦନାଗକ, ପି- ଦ୍ରୁଷ୍ୟୋଧନ ଉଦନାଗକ,
						ଅବଲ୍ୟନ ପ୍ରୀୟା ଉଦନାଗକ, ଦିଜାଦା ଉଦନାଗକ, ଜୁଦୋଜାଗ
						ଉଦନାଗକ, ଦୂଜା ଉଦନାଗକ, ପି- ଗୋବିନ୍ଦ ଦନ୍ତ ଉଦନାଗକ,
						ଲାଉଣି ଉଦନାଗକ, ପି- ଗୋବିନ୍ଦ ଦନ୍ତ ଉଦନାଗକ, ଗ୍ରା-ନିଇଗାଁ
	ଟିକିରି	୫୭୬୭	ବେସରକାରୀ	ଡାଲହ ଫସଲ-୧	୦.୧୫୦	ଉଦୟୁଣ୍ଡ ଉଦନାଗକ, ଗୋପାଳଶ୍ରୀ ଉଦନାଗକ, ପିତାଙ୍ଗର
						ଉଦନାଗକ, ଲିଲାଭି ଉଦନାଗକ, ଦୂଜା ଉଦନାଗକ, କୃତୀପିଣ୍ଡ ଉଦନାଗକ,
						ପି- ଦନ୍ତୁ ଉଦନାଗକ, ଗ୍ରା-ନିଇଗାଁ
	ଟିକିରି	୫୭୬୭	ବେସରକାରୀ	ସାଧାରଣ-୧	୦.୦୪୦	ଉଦଗାନ ସାମନ୍ତ, ପି- ମନୋରଞ୍ଜ ମାଝୀ, ଗ୍ରା-ନିଇଗାଁ
	ଟିକିରି	୫୭୬୮	ବେସରକାରୀ	ସାଧାରଣ-୧	୦.୦୦୦	ଉଉଣ୍ଡ ଉଦନାଗକ, ପି- ଦନ୍ତୁ ଉଦନାଗକ, ଗ୍ରା-ନିଇଗାଁ
	ଟିକିରି	୫୭୬୫	ବେସରକାରୀ	ଡାଲହ ଫସଲ-୧	୦.୧୨୦	ଉଦଗାନ ନାଗକ, ପି-ମଧୁଶ୍ଵର ନାଗକ, ଦିଦିତିରା ନାଗକ, ଦିଦାଗାଲା
						ନାଗକ, ଦିଶ୍ଵାଗାଗ ନାଗକ, ଭାଗିରା ନାଗକ, ପି- ଭକ୍ତତ୍ନ ନାଗକ,
						ଭାଗେଶି ନାଗକ, ପି- ଉଗ୍ରୁଧ ନାଗକ, କାର୍ତ୍ତିକ ନାଗକ, ପି- ଲନକା
						ନାଗକ, ଗ୍ରା-ନିଇଗାଁ
	ଟିକିରି	୫୭୭୭	ବେସରକାରୀ	ଡାଲହ ଫସଲ-୧	୦.୦୮୦	ଲାଗ ନାଗକ, ପି-ପୁରୁଷ ନାଗକ, ଗ୍ରା-ନିଇଗାଁ
	ଟିକିରି	୫୭୬୯	ବେସରକାରୀ	ଡାଲହ ଫସଲ-୧	୦.୧୪୦	ଲାଗ ନାଗକ, ପି-ଭଗଣୁ ନାଗକ, ଗ୍ରା-ନିଇଗାଁ
	ଟିକିରି	୫୫୬୫/୫୬୭୭	ବେସରକାରୀ	ଡାଲହ ଫସଲ-୧	୦.୧୫୦	ଦିତିଷ୍ଣୁ ଉଦନାଗକ, ପି-ମାଳମୁଣ୍ଡା ଉଦନାଗକ, ଗ୍ରା-ନିଇଗାଁ
	ଟିକିରି	୫୫୫୫	ବେସରକାରୀ	ସାଧାରଣ-୨	୦.୦୫୦	ଦିତିଷ୍ଣୁ ଉଦନାଗକ, ପି-ମାଳମୁଣ୍ଡା ଉଦନାଗକ, ଗ୍ରା-ନିଇଗାଁ
	ଟିକିରି	୫୮୦୩	ବେସରକାରୀ	ସାଧାରଣ-୨	୦.୦୫୦	ଦିତିଷ୍ଣୁ ଉଦନାଗକ, ପି-ମାଳମୁଣ୍ଡା ଉଦନାଗକ, ଗ୍ରା-ନିଇଗାଁ
	ଟିକିରି	୫୮୦୪	ବେସରକାରୀ	ସାଧାରଣ-୨	୦.୦୩୦	ଦିତିଷ୍ଣୁ ଉଦନାଗକ, ପି-ମାଳମୁଣ୍ଡା ଉଦନାଗକ, ଗ୍ରା-ନିଇଗାଁ
	ଟିକିରି	୫୫୭୫	ବେସରକାରୀ	ସାଧାରଣ ଦୋଫସଲି-୧	୦.୨୪୦	ଦିତିରାଗଜା ଦିଷ୍ଣୁଲ, ପି-ମଗନ ଦିଷ୍ଣୁଲ, ଉନ୍ଦୁ ଦିଷ୍ଣୁଲ, ଜାଟ ଦିଷ୍ଣୁଲ,
						ପି- ଦିଦା ଦିଷ୍ଣୁଲ, ଗ୍ରା-ଲୁକାପାଳ
	ଟିକିରି	୫୫୫	ବେସରକାରୀ	ସାଧାରଣ-୩	୦.୦୫୦	ଶ୍ରୁଧୁ ସାମନ୍ତ, ପି-ଜଳିଦ ସାମନ୍ତ, ଗ୍ରା-ନିଇଗାଁ
	ଟିକିରି	୫୭୮/୫୭୬୫୪	ବେସରକାରୀ	ସାଧାରଣ-୩	୦.୦୭୦	ଶ୍ରୁଧୁ ସାମନ୍ତ, ପି-ଜଳିଦ ସାମନ୍ତ, ଗ୍ରା-ନିଇଗାଁ
	ଟିକିରି	୫୭୬୦	ବେସରକାରୀ	ସାଧାରଣ ଦୋଫସଲି-୨	୦.୦୯୦	ଗୋବିନ୍ଦ ଦନ୍ତ ଆଚାର, ସନ୍ତୋଷ କିଶୋର ଆଚାର, ପି-ଦଶୁଗତ
						ଆଚାର, ଗୋପୀନାଥ ଆଚାର, ପି- ଦଶୁଗତ ଆଚାର, ଗ୍ରା-ନିଇଗାଁ
	ଟିକିରି	୫୫୭୫/୫୭୬୭୦	ବେସରକାରୀ	ସାଧାରଣ-୨	୦.୦୫୦	ଗୋପ୍ତା ସାମନ୍ତ, ପି- ଦଦିଗଣ୍ଣାଧ ସାମନ୍ତ, ଗ୍ରା-ନିଇଗାଁ
(See Next Page)
